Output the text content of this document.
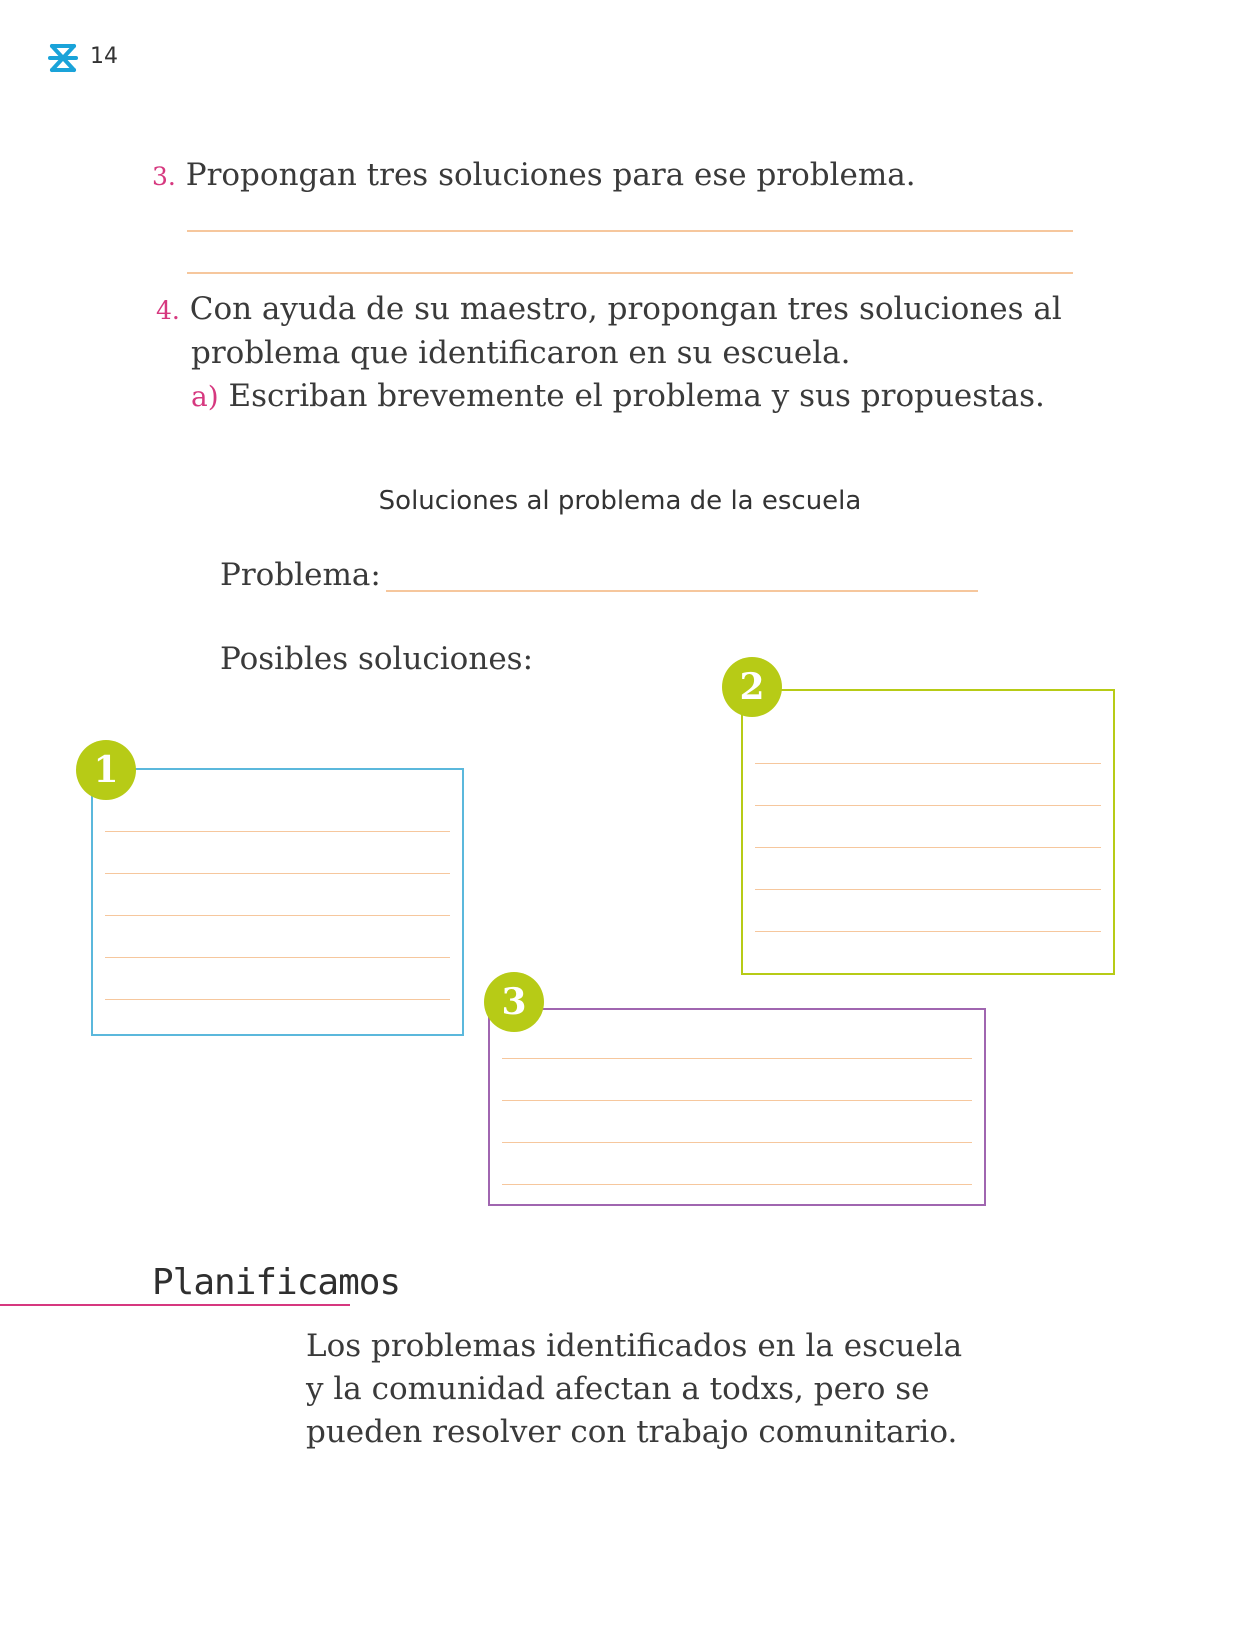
14

3. Propongan tres soluciones para ese problema.

4. Con ayuda de su maestro, propongan tres soluciones al

problema que identificaron en su escuela.

a) Escriban brevemente el problema y sus propuestas.

Soluciones al problema de la escuela
Problema:
Posibles soluciones:
1
2
3
Planificamos
Los problemas identificados en la escuela
y la comunidad afectan a todxs, pero se
pueden resolver con trabajo comunitario.
